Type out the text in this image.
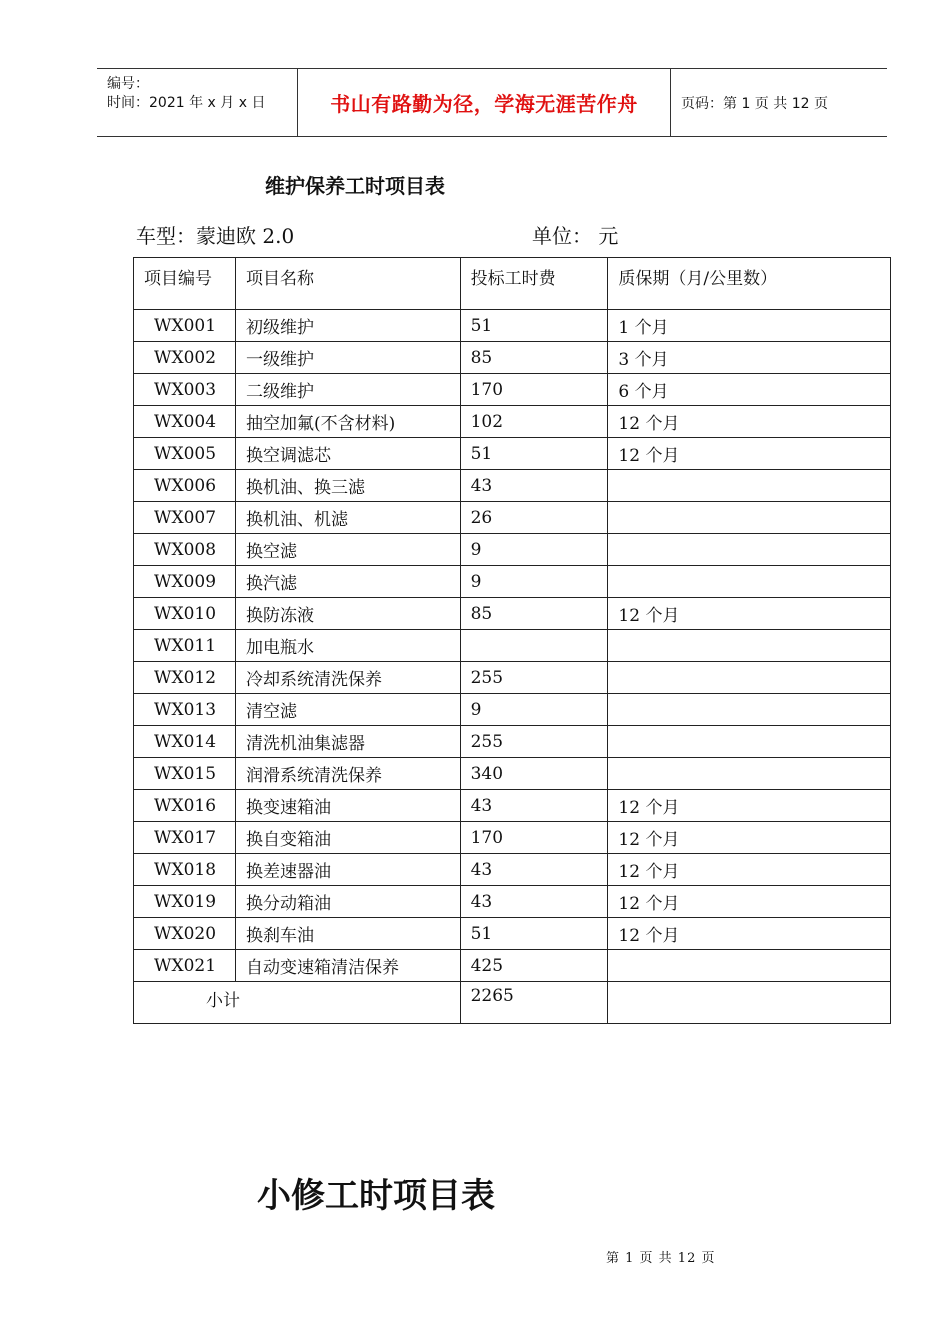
编号：
时间：2021 年 x 月 x 日	书山有路勤为径，学海无涯苦作舟	页码：第 1 页 共 12 页
维护保养工时项目表
车型：蒙迪欧 2.0	单位： 元
项目编号	项目名称	投标工时费	质保期（月/公里数）
WX001	初级维护	51	1 个月
WX002	一级维护	85	3 个月
WX003	二级维护	170	6 个月
WX004	抽空加氟(不含材料)	102	12 个月
WX005	换空调滤芯	51	12 个月
WX006	换机油、换三滤	43	
WX007	换机油、机滤	26	
WX008	换空滤	9	
WX009	换汽滤	9	
WX010	换防冻液	85	12 个月
WX011	加电瓶水		
WX012	冷却系统清洗保养	255	
WX013	清空滤	9	
WX014	清洗机油集滤器	255	
WX015	润滑系统清洗保养	340	
WX016	换变速箱油	43	12 个月
WX017	换自变箱油	170	12 个月
WX018	换差速器油	43	12 个月
WX019	换分动箱油	43	12 个月
WX020	换刹车油	51	12 个月
WX021	自动变速箱清洁保养	425	
小计		2265	
小修工时项目表
第 1 页 共 12 页
